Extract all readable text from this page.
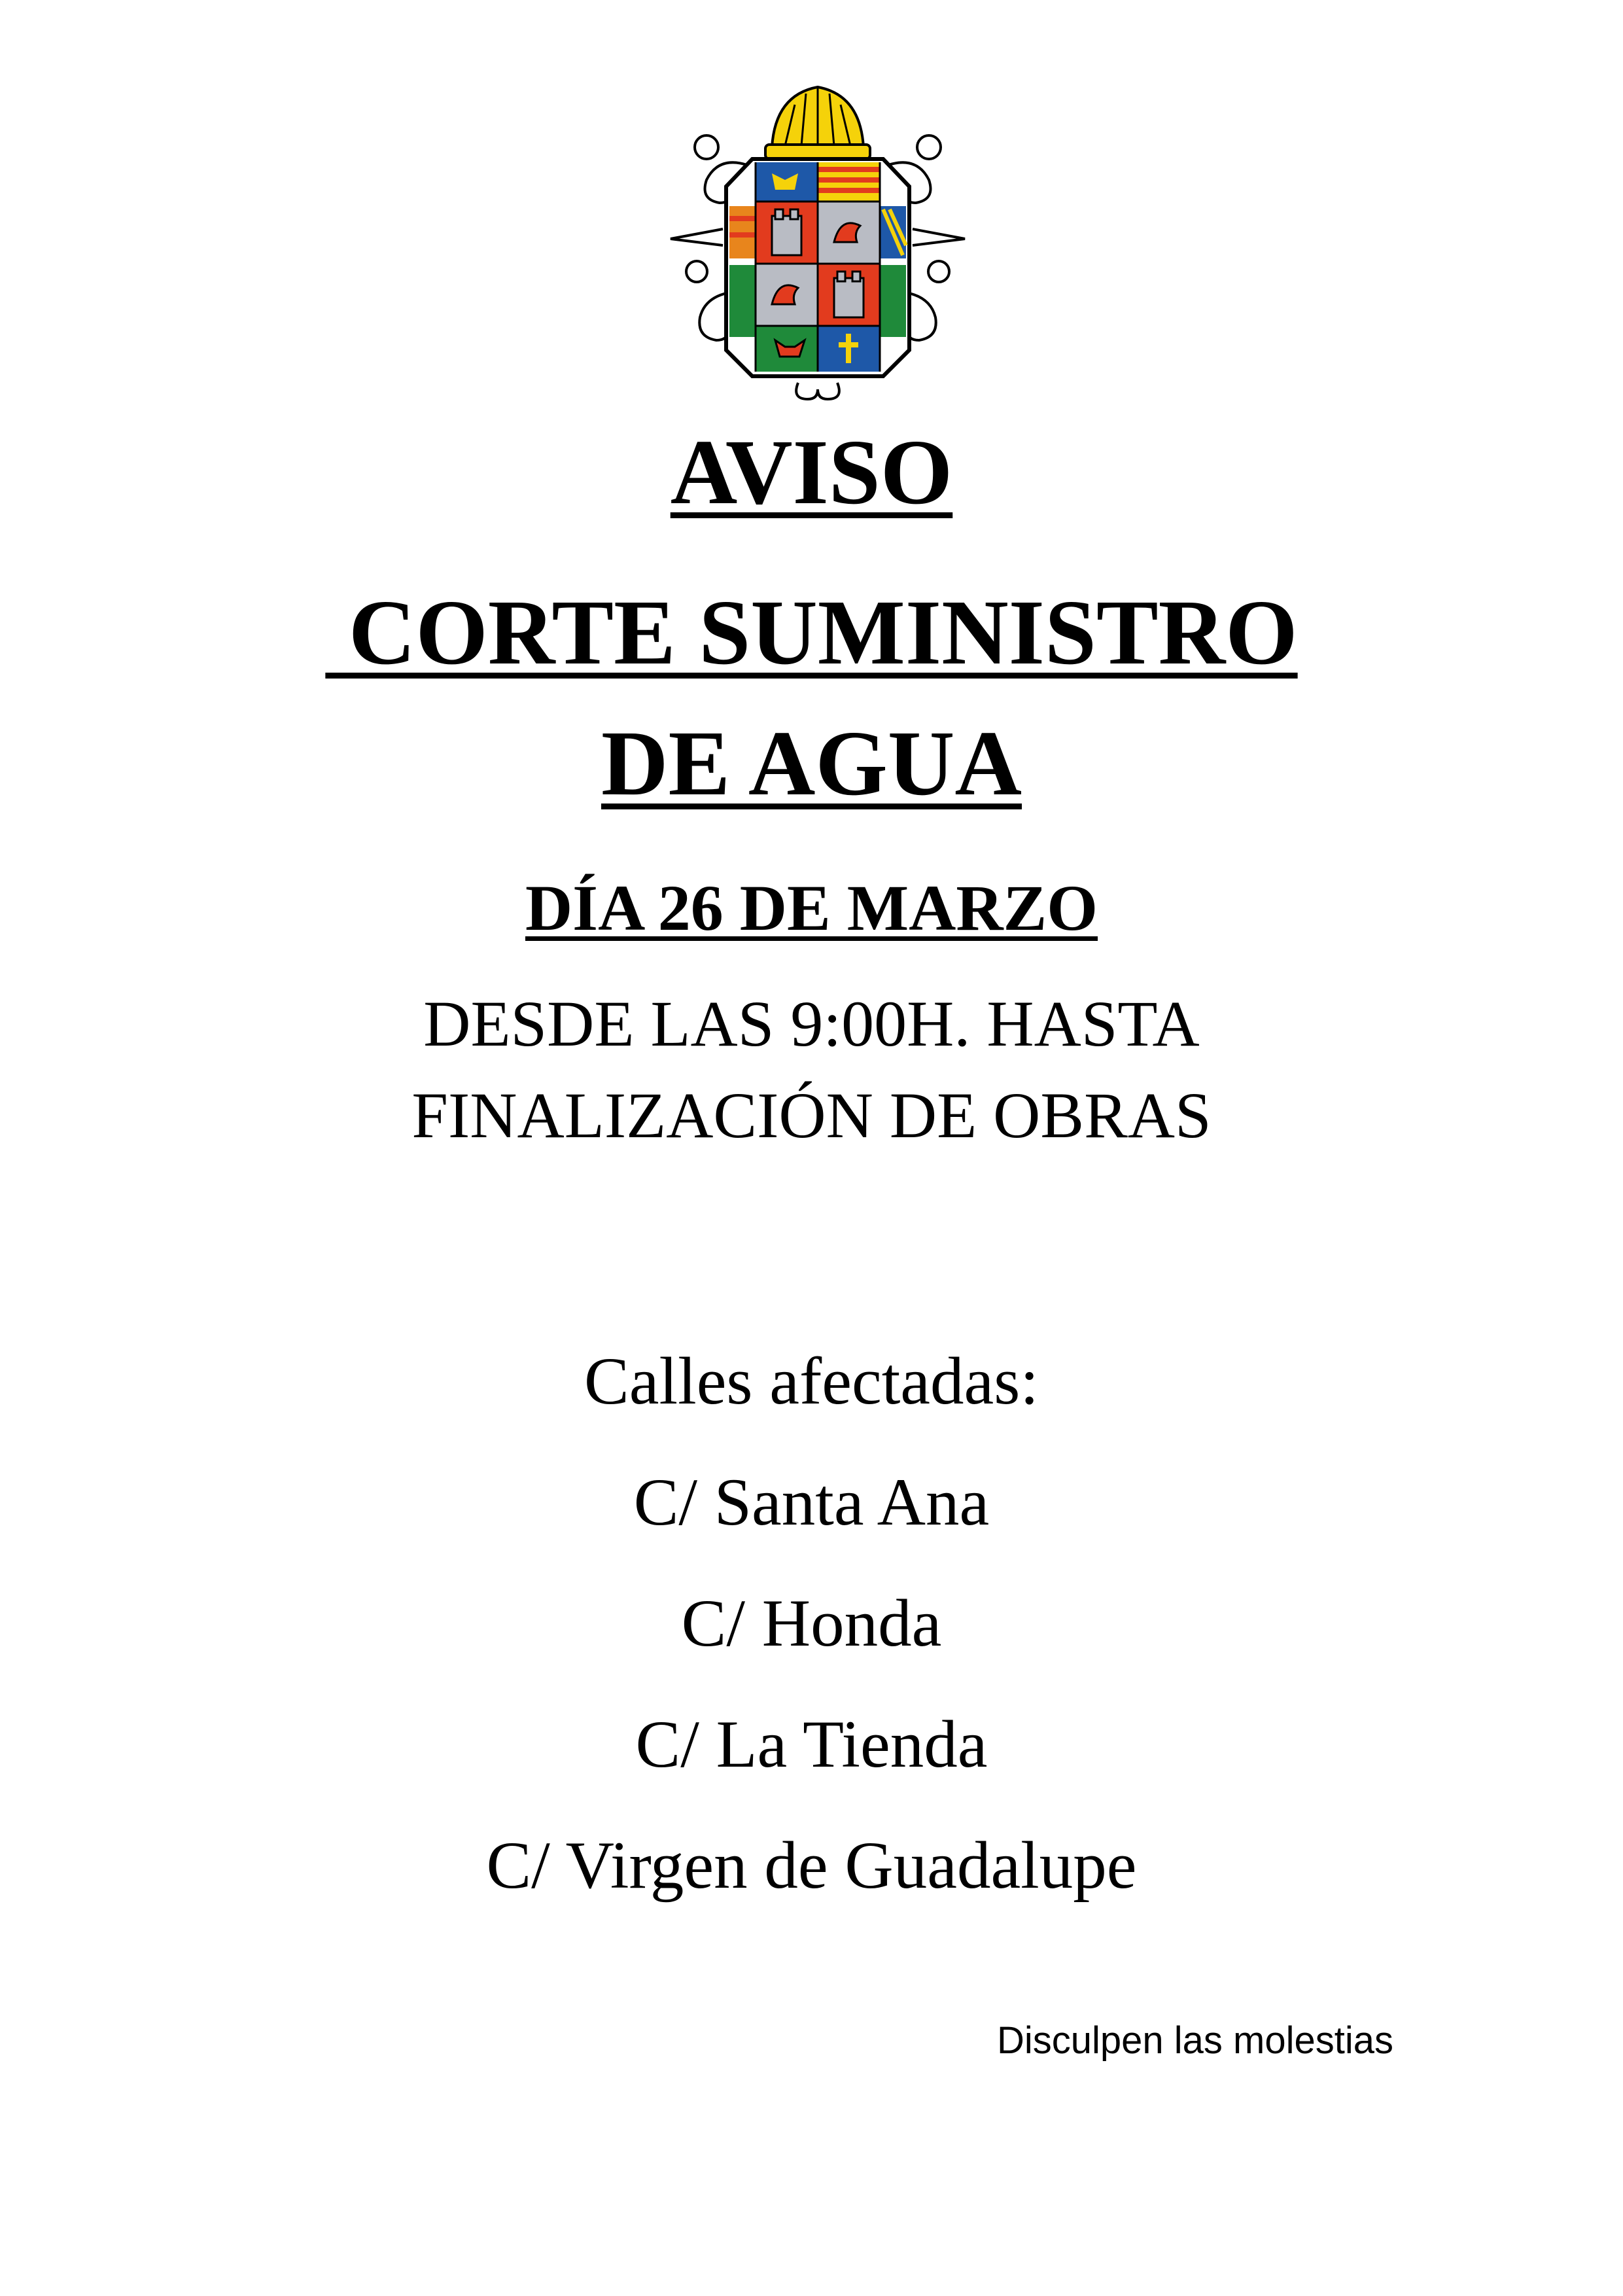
AVISO
CORTE SUMINISTRO
DE AGUA
DÍA 26 DE MARZO
DESDE LAS 9:00H. HASTA
FINALIZACIÓN DE OBRAS
Calles afectadas:
C/ Santa Ana
C/ Honda
C/ La Tienda
C/ Virgen de Guadalupe
Disculpen las molestias
